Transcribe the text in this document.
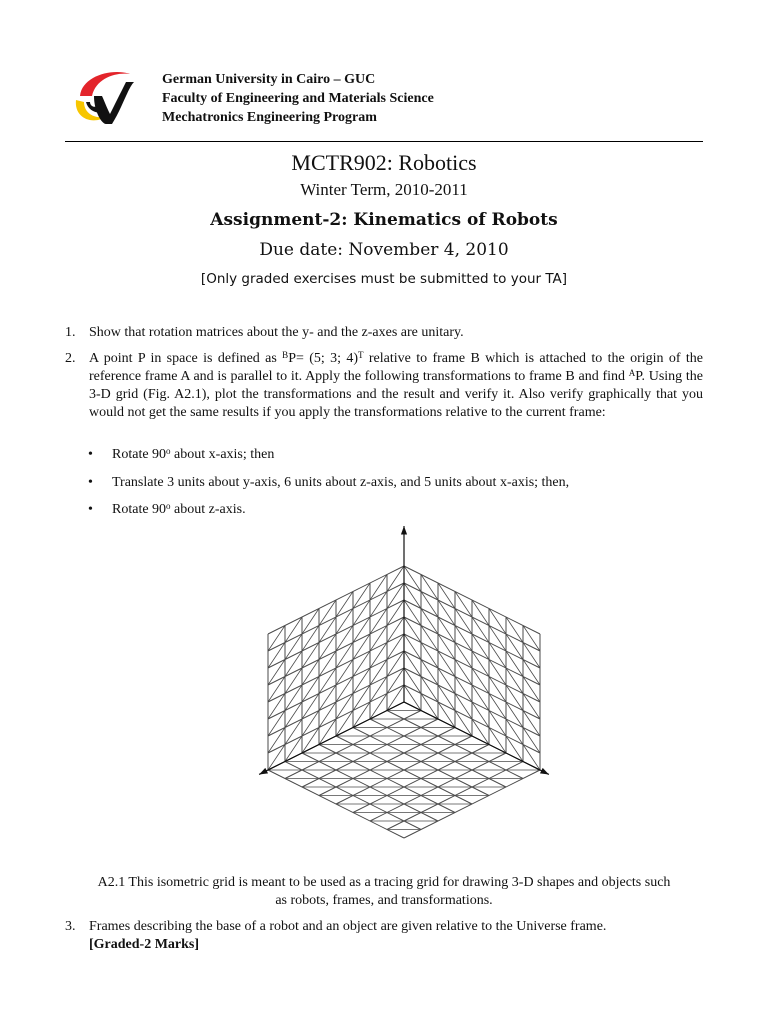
German University in Cairo – GUC
Faculty of Engineering and Materials Science
Mechatronics Engineering Program
MCTR902: Robotics
Winter Term, 2010-2011
Assignment-2: Kinematics of Robots
Due date: November 4, 2010
[Only graded exercises must be submitted to your TA]
1. Show that rotation matrices about the y- and the z-axes are unitary.
2. A point P in space is defined as $^B$P= (5; 3; 4)$^T$ relative to frame B which is attached to the origin of the reference frame A and is parallel to it. Apply the following transformations to frame B and find $^A$P. Using the 3-D grid (Fig. A2.1), plot the transformations and the result and verify it. Also verify graphically that you would not get the same results if you apply the transformations relative to the current frame:
• Rotate 90$^o$ about x-axis; then
• Translate 3 units about y-axis, 6 units about z-axis, and 5 units about x-axis; then,
• Rotate 90$^o$ about z-axis.
A2.1 This isometric grid is meant to be used as a tracing grid for drawing 3-D shapes and objects such
as robots, frames, and transformations.
3. Frames describing the base of a robot and an object are given relative to the Universe frame.
[Graded-2 Marks]
